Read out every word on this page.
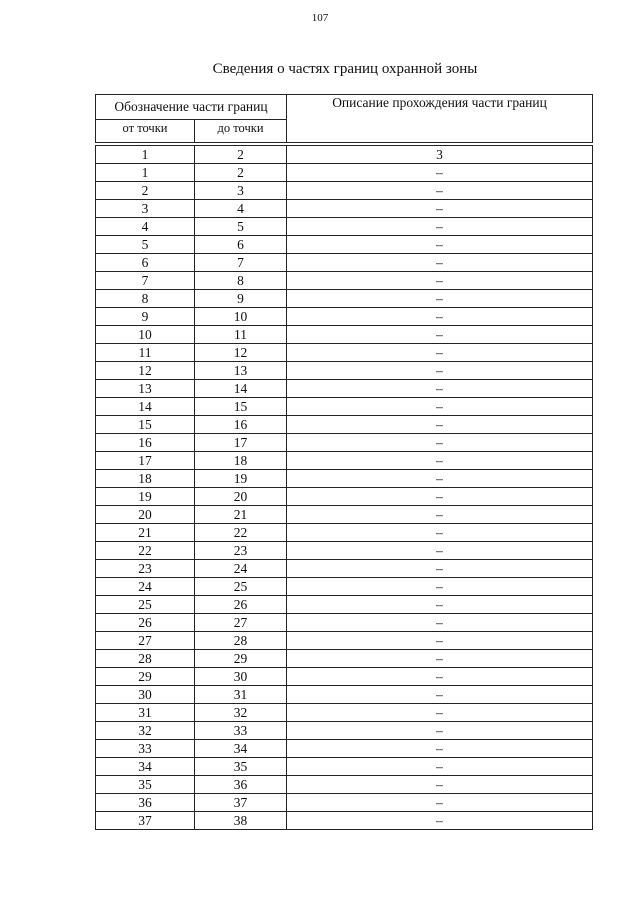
107
Сведения о частях границ охранной зоны
Обозначение части границ		Описание прохождения части границ
от точки	до точки	

1	2	3
1	2	–
2	3	–
3	4	–
4	5	–
5	6	–
6	7	–
7	8	–
8	9	–
9	10	–
10	11	–
11	12	–
12	13	–
13	14	–
14	15	–
15	16	–
16	17	–
17	18	–
18	19	–
19	20	–
20	21	–
21	22	–
22	23	–
23	24	–
24	25	–
25	26	–
26	27	–
27	28	–
28	29	–
29	30	–
30	31	–
31	32	–
32	33	–
33	34	–
34	35	–
35	36	–
36	37	–
37	38	–
